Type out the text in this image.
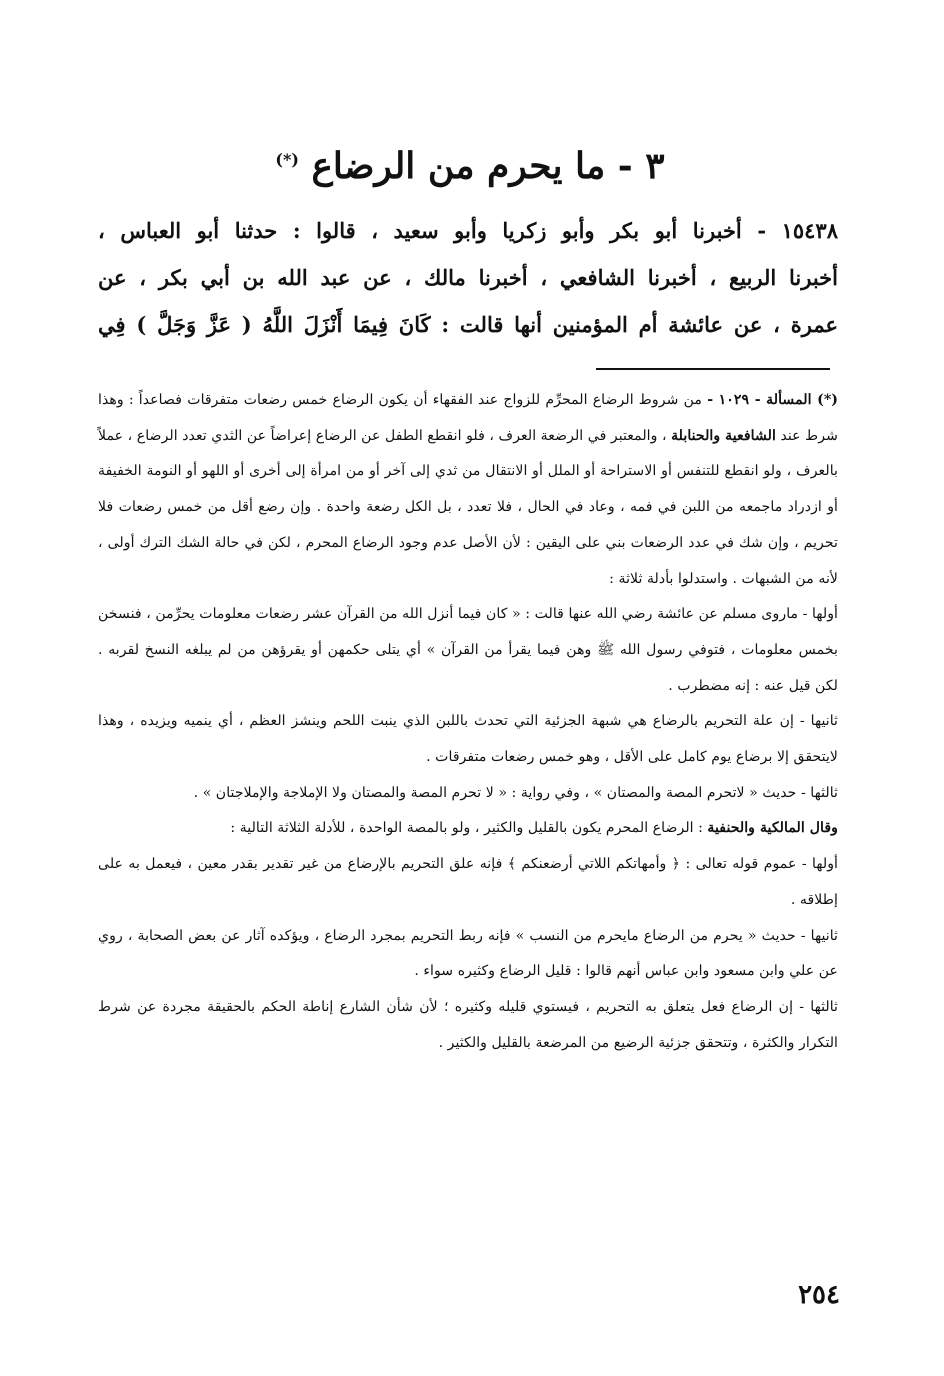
٣ - ما يحرم من الرضاع (*)
١٥٤٣٨ - أخبرنا أبو بكر وأبو زكريا وأبو سعيد ، قالوا : حدثنا أبو العباس ،
أخبرنا الربيع ، أخبرنا الشافعي ، أخبرنا مالك ، عن عبد الله بن أبي بكر ، عن
عمرة ، عن عائشة أم المؤمنين أنها قالت : كَانَ فِيمَا أَنْزَلَ اللَّهُ ( عَزَّ وَجَلَّ ) فِي

(*) المسألة - ١٠٢٩ - من شروط الرضاع المحرِّم للزواج عند الفقهاء أن يكون الرضاع خمس رضعات متفرقات فصاعداً : وهذا شرط عند الشافعية والحنابلة ، والمعتبر في الرضعة العرف ، فلو انقطع الطفل عن الرضاع إعراضاً عن الثدي تعدد الرضاع ، عملاً بالعرف ، ولو انقطع للتنفس أو الاستراحة أو الملل أو الانتقال من ثدي إلى آخر أو من امرأة إلى أخرى أو اللهو أو النومة الخفيفة أو ازدراد ماجمعه من اللبن في فمه ، وعاد في الحال ، فلا تعدد ، بل الكل رضعة واحدة . وإن رضع أقل من خمس رضعات فلا تحريم ، وإن شك في عدد الرضعات بني على اليقين : لأن الأصل عدم وجود الرضاع المحرم ، لكن في حالة الشك الترك أولى ، لأنه من الشبهات . واستدلوا بأدلة ثلاثة :

أولها - ماروى مسلم عن عائشة رضي الله عنها قالت : « كان فيما أنزل الله من القرآن عشر رضعات معلومات يحرِّمن ، فنسخن بخمس معلومات ، فتوفي رسول الله ﷺ وهن فيما يقرأ من القرآن » أي يتلى حكمهن أو يقرؤهن من لم يبلغه النسخ لقربه . لكن قيل عنه : إنه مضطرب .

ثانيها - إن علة التحريم بالرضاع هي شبهة الجزئية التي تحدث باللبن الذي ينبت اللحم وينشز العظم ، أي ينميه ويزيده ، وهذا لايتحقق إلا برضاع يوم كامل على الأقل ، وهو خمس رضعات متفرقات .

ثالثها - حديث « لاتحرم المصة والمصتان » ، وفي رواية : « لا تحرم المصة والمصتان ولا الإملاجة والإملاجتان » .

وقال المالكية والحنفية : الرضاع المحرم يكون بالقليل والكثير ، ولو بالمصة الواحدة ، للأدلة الثلاثة التالية :

أولها - عموم قوله تعالى : ﴿ وأمهاتكم اللاتي أرضعنكم ﴾ فإنه علق التحريم بالإرضاع من غير تقدير بقدر معين ، فيعمل به على إطلاقه .

ثانيها - حديث « يحرم من الرضاع مايحرم من النسب » فإنه ربط التحريم بمجرد الرضاع ، ويؤكده آثار عن بعض الصحابة ، روي عن علي وابن مسعود وابن عباس أنهم قالوا : قليل الرضاع وكثيره سواء .

ثالثها - إن الرضاع فعل يتعلق به التحريم ، فيستوي قليله وكثيره ؛ لأن شأن الشارع إناطة الحكم بالحقيقة مجردة عن شرط التكرار والكثرة ، وتتحقق جزئية الرضيع من المرضعة بالقليل والكثير .

٢٥٤
